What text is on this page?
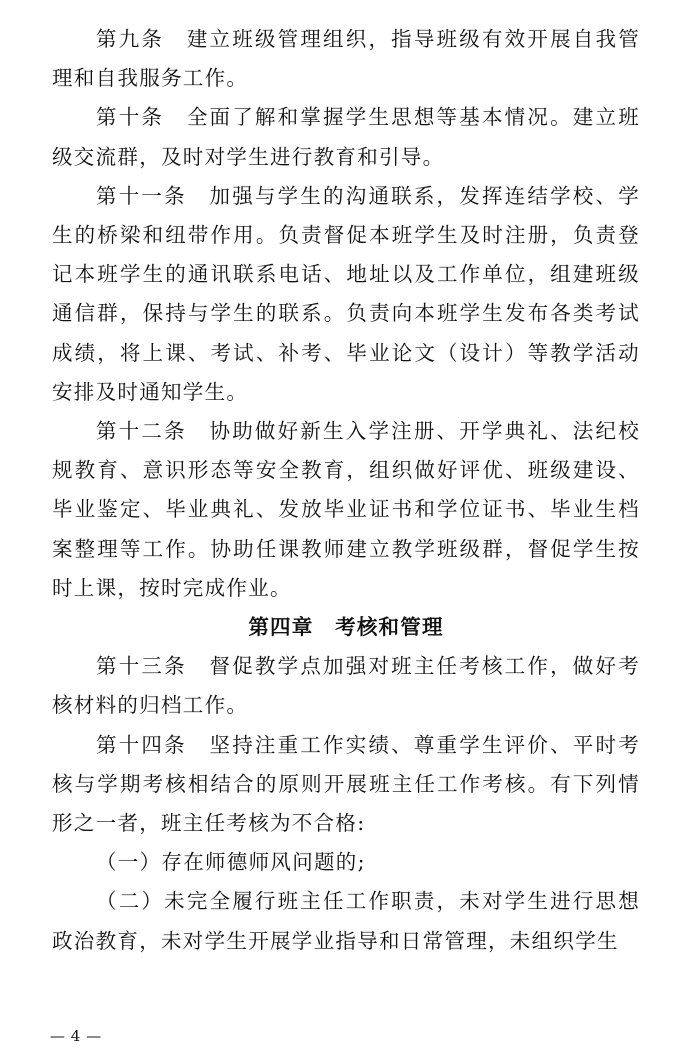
第九条　建立班级管理组织，指导班级有效开展自我管理和自我服务工作。

第十条　全面了解和掌握学生思想等基本情况。建立班级交流群，及时对学生进行教育和引导。

第十一条　加强与学生的沟通联系，发挥连结学校、学生的桥梁和纽带作用。负责督促本班学生及时注册，负责登记本班学生的通讯联系电话、地址以及工作单位，组建班级通信群，保持与学生的联系。负责向本班学生发布各类考试成绩，将上课、考试、补考、毕业论文（设计）等教学活动安排及时通知学生。

第十二条　协助做好新生入学注册、开学典礼、法纪校规教育、意识形态等安全教育，组织做好评优、班级建设、毕业鉴定、毕业典礼、发放毕业证书和学位证书、毕业生档案整理等工作。协助任课教师建立教学班级群，督促学生按时上课，按时完成作业。

第四章　考核和管理

第十三条　督促教学点加强对班主任考核工作，做好考核材料的归档工作。

第十四条　坚持注重工作实绩、尊重学生评价、平时考核与学期考核相结合的原则开展班主任工作考核。有下列情形之一者，班主任考核为不合格:

（一）存在师德师风问题的;

（二）未完全履行班主任工作职责，未对学生进行思想政治教育，未对学生开展学业指导和日常管理，未组织学生

— 4 —
